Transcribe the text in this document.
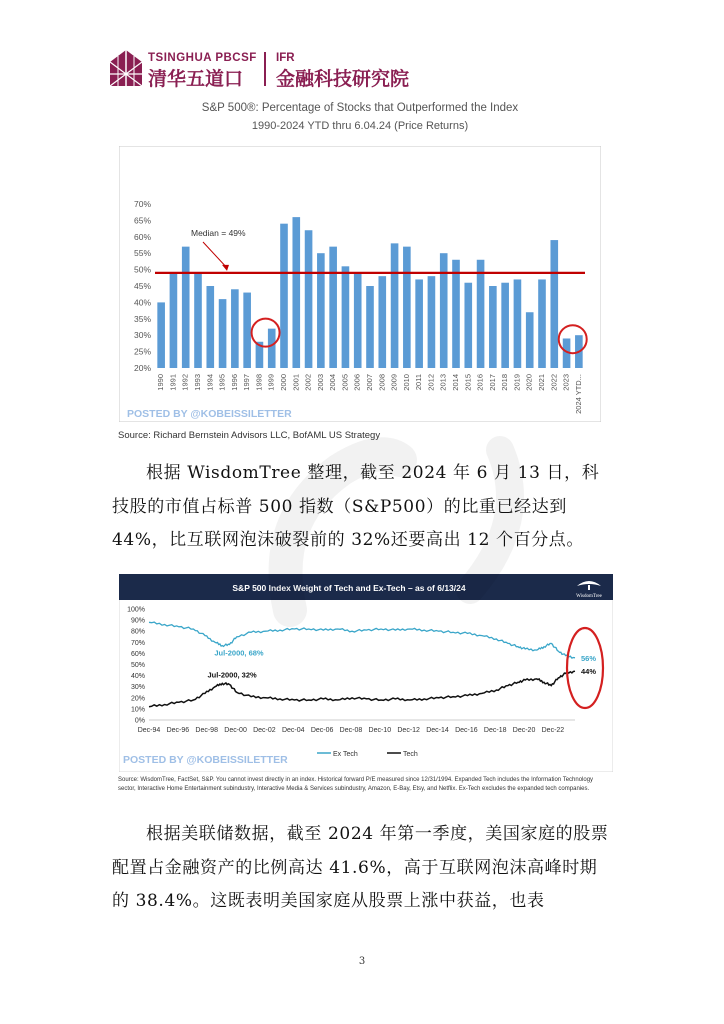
TSINGHUA PBCSF
清华五道口
IFR
金融科技研究院
S&P 500®: Percentage of Stocks that Outperformed the Index
1990-2024 YTD thru 6.04.24 (Price Returns)
20%
25%
30%
35%
40%
45%
50%
55%
60%
65%
70%
1990 1991 1992 1993 1994 1995 1996 1997 1998 1999 2000 2001 2002 2003 2004 2005 2006 2007 2008 2009 2010 2011 2012 2013 2014 2015 2016 2017 2018 2019 2020 2021 2022 2023 2024 YTD...
Median = 49%
POSTED BY @KOBEISSILETTER
Source: Richard Bernstein Advisors LLC, BofAML US Strategy

根据 WisdomTree 整理，截至 2024 年 6 月 13 日，科技股的市值占标普 500 指数（S&P500）的比重已经达到 44%，比互联网泡沫破裂前的 32%还要高出 12 个百分点。

S&P 500 Index Weight of Tech and Ex-Tech – as of 6/13/24
WisdomTree
0%
10%
20%
30%
40%
50%
60%
70%
80%
90%
100%
Dec-94 Dec-96 Dec-98 Dec-00 Dec-02 Dec-04 Dec-06 Dec-08 Dec-10 Dec-12 Dec-14 Dec-16 Dec-18 Dec-20 Dec-22
Jul-2000, 68%
Jul-2000, 32%
56%
44%
Ex Tech	Tech
POSTED BY @KOBEISSILETTER
Source: WisdomTree, FactSet, S&P. You cannot invest directly in an index. Historical forward P/E measured since 12/31/1994. Expanded Tech includes the Information Technology sector, Interactive Home Entertainment subindustry, Interactive Media & Services subindustry, Amazon, E-Bay, Etsy, and Netflix. Ex-Tech excludes the expanded tech companies.

根据美联储数据，截至 2024 年第一季度，美国家庭的股票配置占金融资产的比例高达 41.6%，高于互联网泡沫高峰时期的 38.4%。这既表明美国家庭从股票上涨中获益，也表

3
